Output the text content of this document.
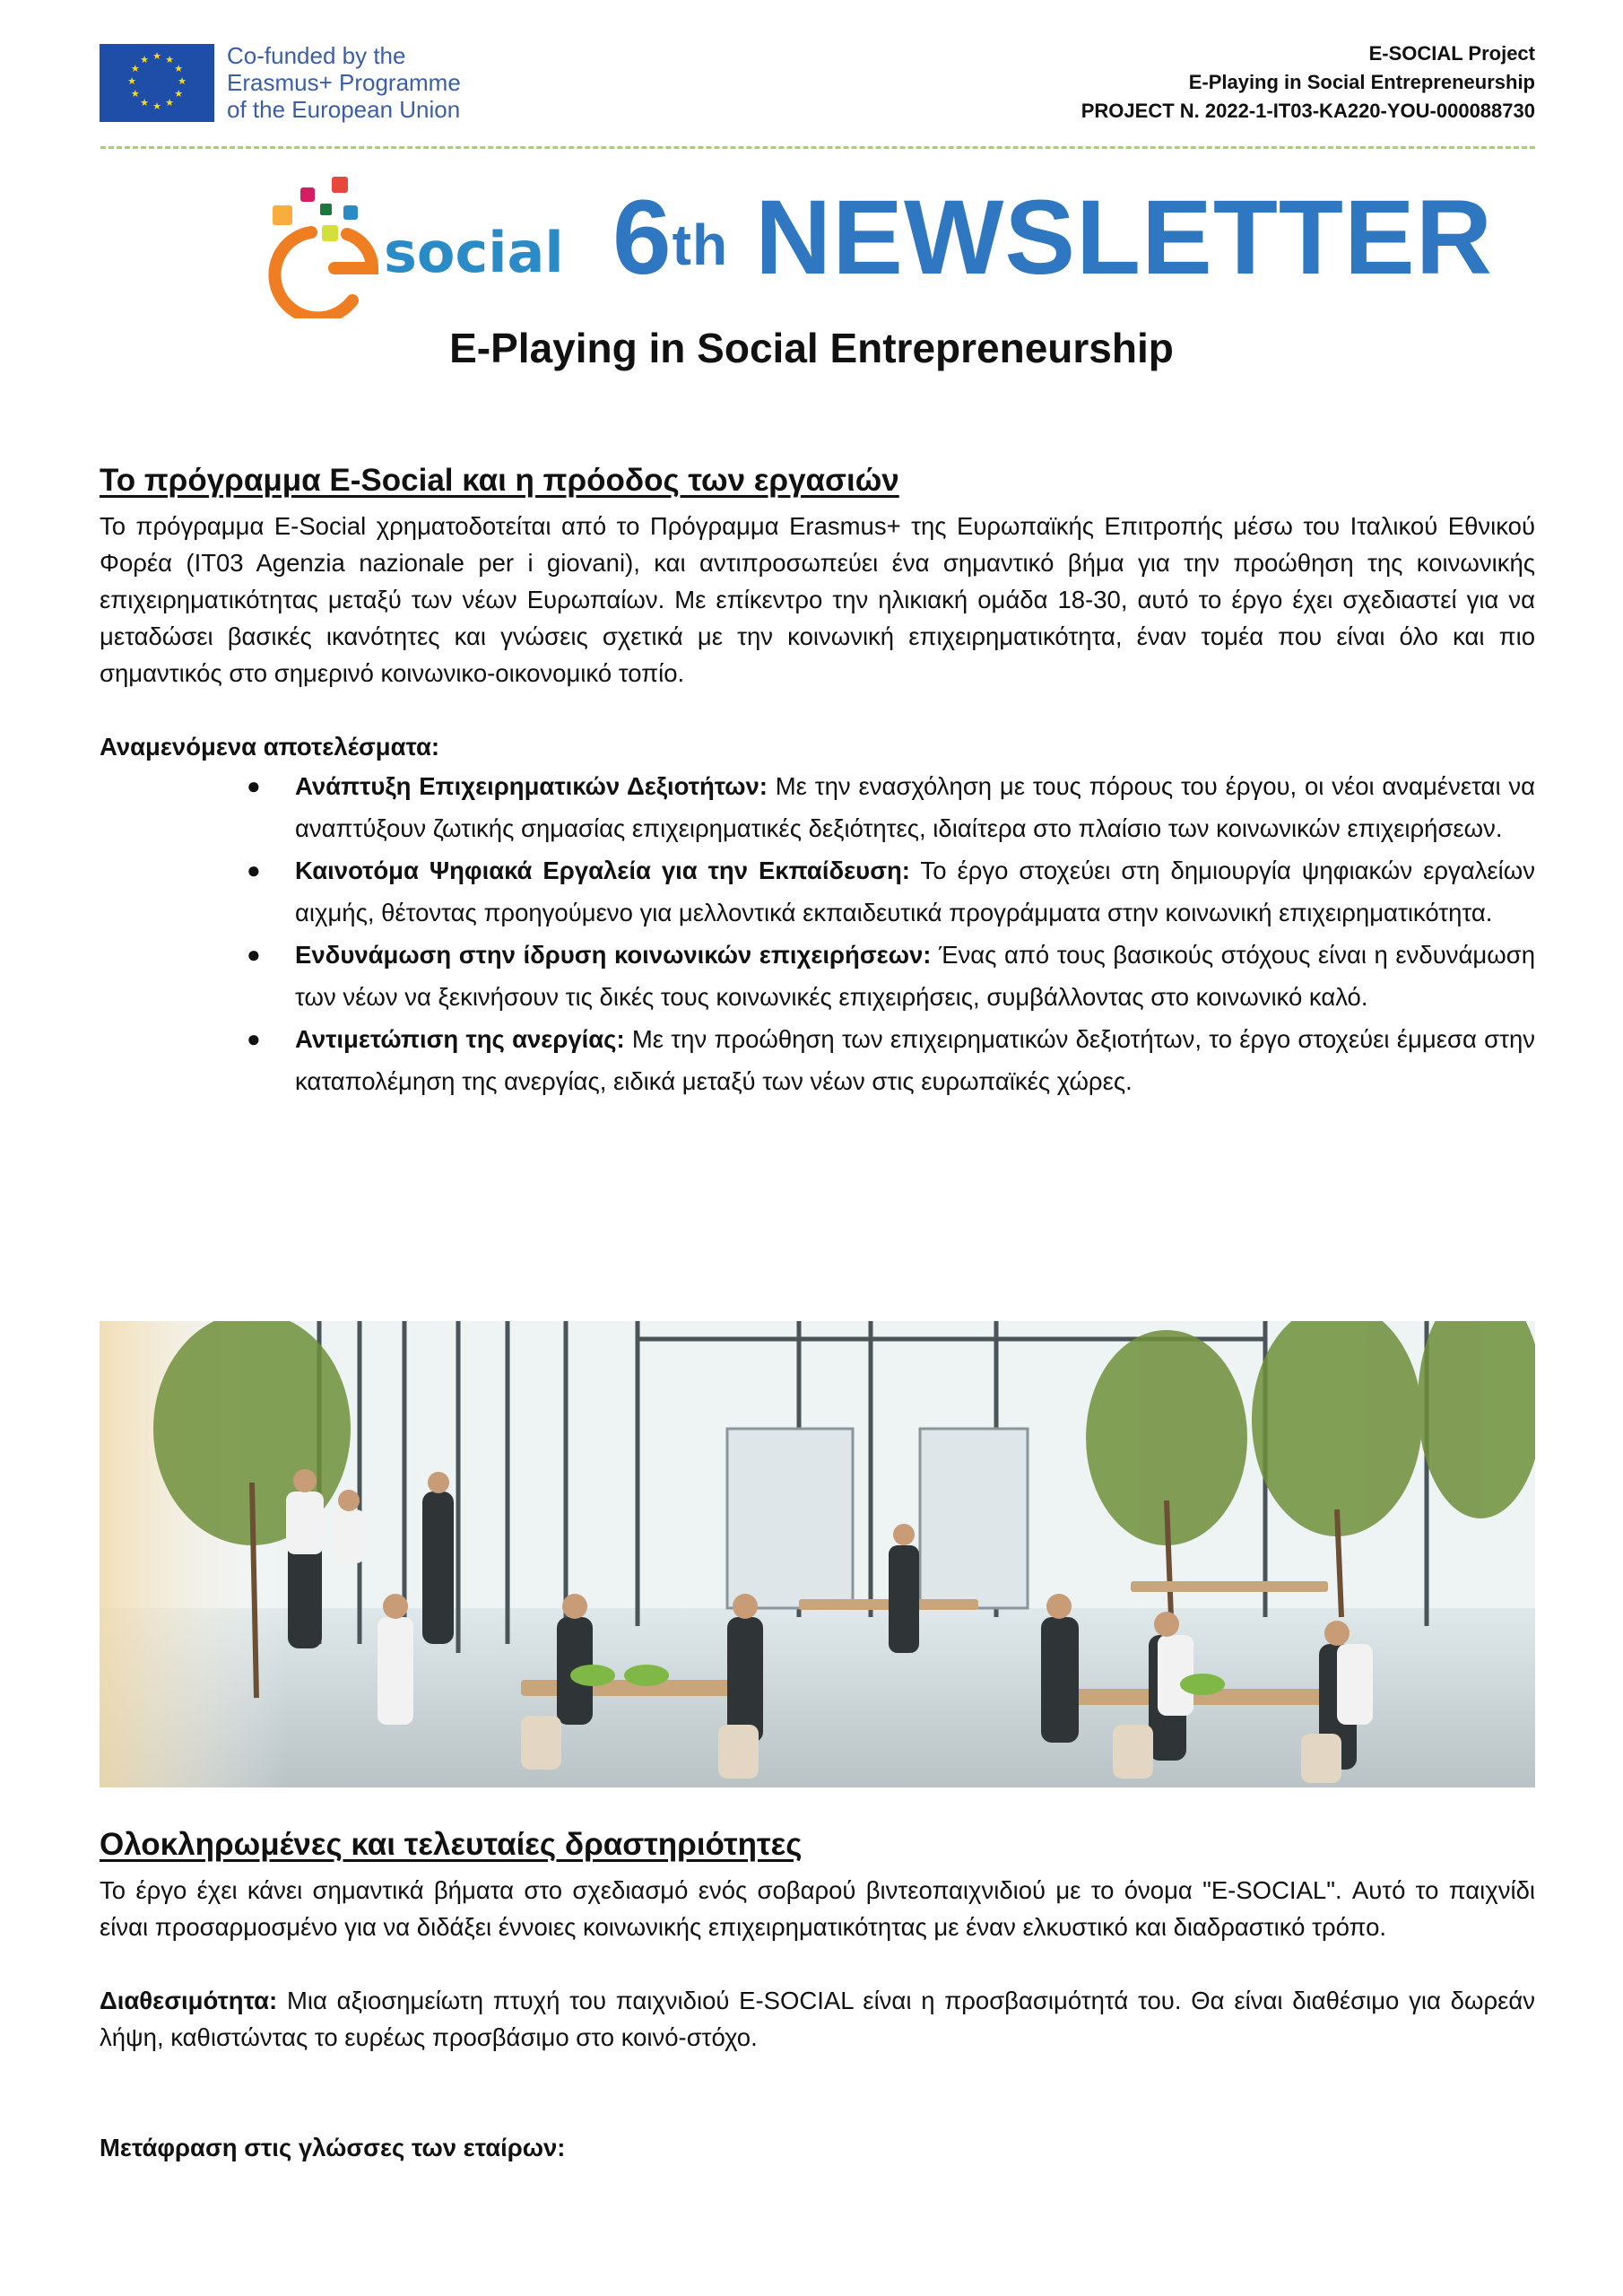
★ ★
★
★
★
★
★
★
★
★
★
★	Co-funded by the
Erasmus+ Programme
of the European Union
E-SOCIAL Project
E-Playing in Social Entrepreneurship
PROJECT N. 2022-1-IT03-KA220-YOU-000088730
social 6th NEWSLETTER
E-Playing in Social Entrepreneurship
Το πρόγραμμα E-Social και η πρόοδος των εργασιών

Το πρόγραμμα E-Social χρηματοδοτείται από το Πρόγραμμα Erasmus+ της Ευρωπαϊκής Επιτροπής μέσω του Ιταλικού Εθνικού Φορέα (IT03 Agenzia nazionale per i giovani), και αντιπροσωπεύει ένα σημαντικό βήμα για την προώθηση της κοινωνικής επιχειρηματικότητας μεταξύ των νέων Ευρωπαίων. Με επίκεντρο την ηλικιακή ομάδα 18-30, αυτό το έργο έχει σχεδιαστεί για να μεταδώσει βασικές ικανότητες και γνώσεις σχετικά με την κοινωνική επιχειρηματικότητα, έναν τομέα που είναι όλο και πιο σημαντικός στο σημερινό κοινωνικο-οικονομικό τοπίο.

Αναμενόμενα αποτελέσματα:

● Ανάπτυξη Επιχειρηματικών Δεξιοτήτων: Με την ενασχόληση με τους πόρους του έργου, οι νέοι αναμένεται να αναπτύξουν ζωτικής σημασίας επιχειρηματικές δεξιότητες, ιδιαίτερα στο πλαίσιο των κοινωνικών επιχειρήσεων.
● Καινοτόμα Ψηφιακά Εργαλεία για την Εκπαίδευση: Το έργο στοχεύει στη δημιουργία ψηφιακών εργαλείων αιχμής, θέτοντας προηγούμενο για μελλοντικά εκπαιδευτικά προγράμματα στην κοινωνική επιχειρηματικότητα.
● Ενδυνάμωση στην ίδρυση κοινωνικών επιχειρήσεων: Ένας από τους βασικούς στόχους είναι η ενδυνάμωση των νέων να ξεκινήσουν τις δικές τους κοινωνικές επιχειρήσεις, συμβάλλοντας στο κοινωνικό καλό.
● Αντιμετώπιση της ανεργίας: Με την προώθηση των επιχειρηματικών δεξιοτήτων, το έργο στοχεύει έμμεσα στην καταπολέμηση της ανεργίας, ειδικά μεταξύ των νέων στις ευρωπαϊκές χώρες.
Ολοκληρωμένες και τελευταίες δραστηριότητες

Το έργο έχει κάνει σημαντικά βήματα στο σχεδιασμό ενός σοβαρού βιντεοπαιχνιδιού με το όνομα "E-SOCIAL". Αυτό το παιχνίδι είναι προσαρμοσμένο για να διδάξει έννοιες κοινωνικής επιχειρηματικότητας με έναν ελκυστικό και διαδραστικό τρόπο.

Διαθεσιμότητα: Μια αξιοσημείωτη πτυχή του παιχνιδιού E-SOCIAL είναι η προσβασιμότητά του. Θα είναι διαθέσιμο για δωρεάν λήψη, καθιστώντας το ευρέως προσβάσιμο στο κοινό-στόχο.

Μετάφραση στις γλώσσες των εταίρων:
